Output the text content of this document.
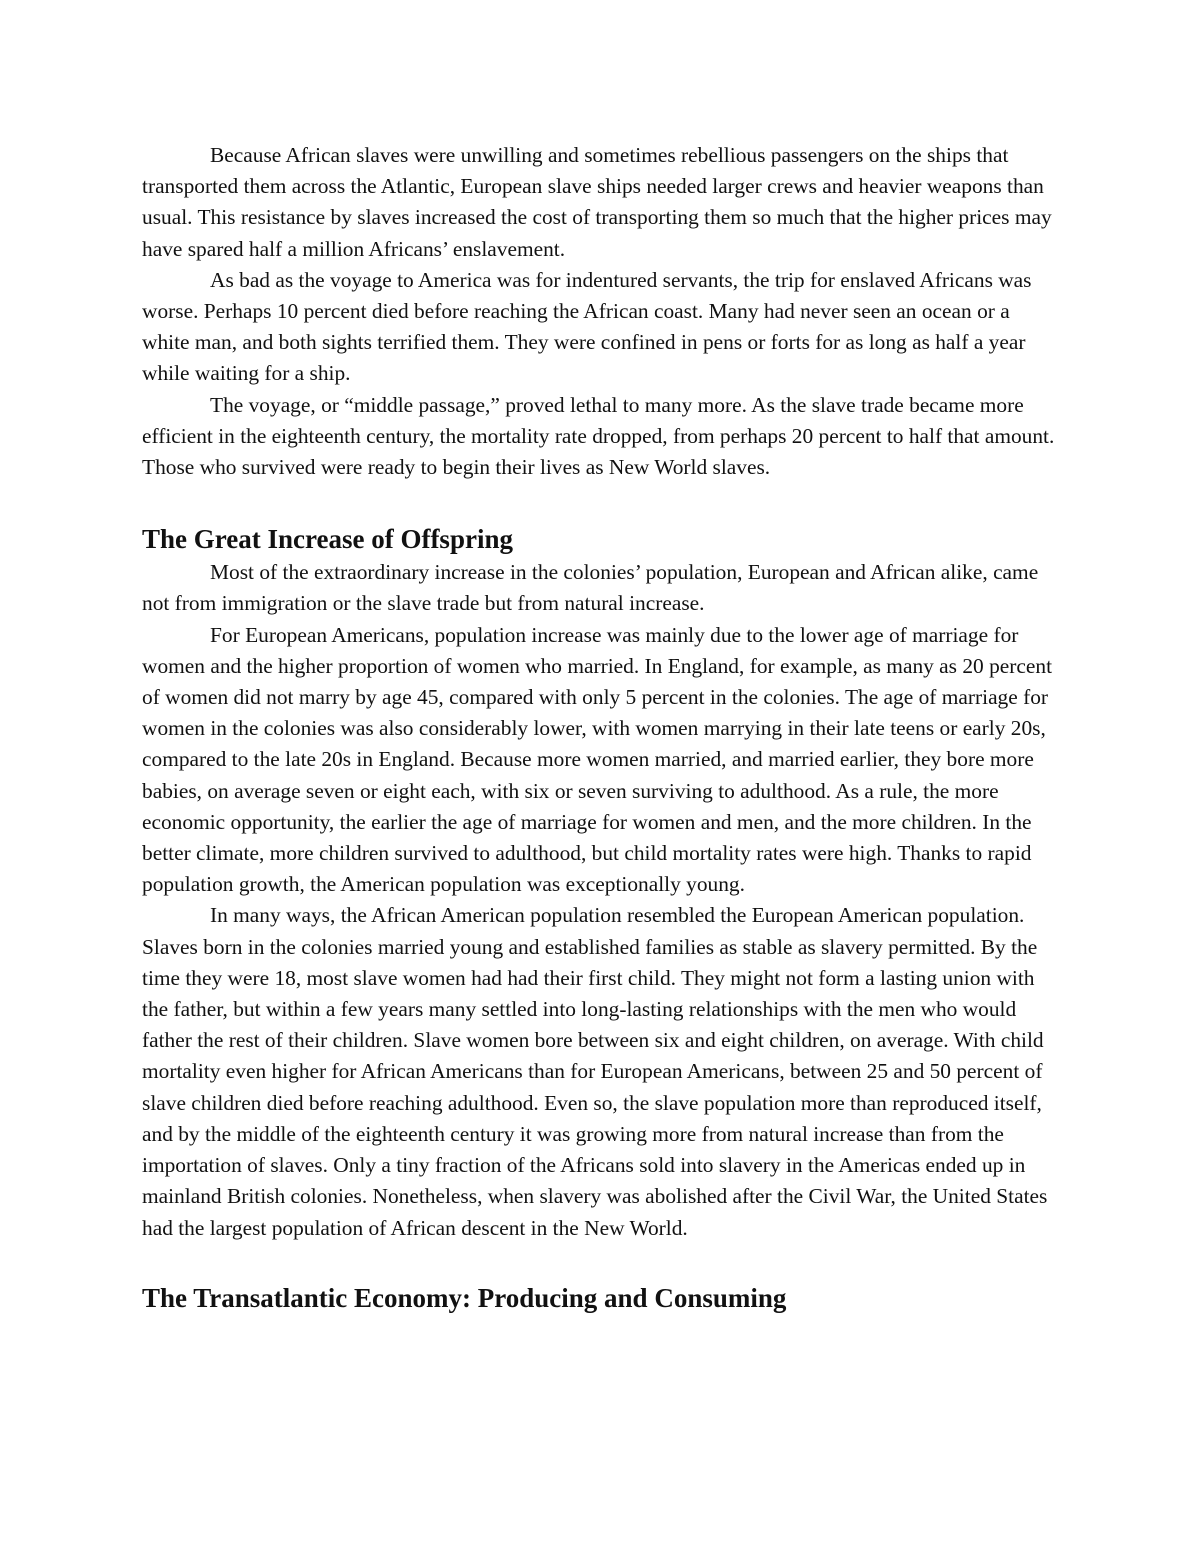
Because African slaves were unwilling and sometimes rebellious passengers on the ships that transported them across the Atlantic, European slave ships needed larger crews and heavier weapons than usual. This resistance by slaves increased the cost of transporting them so much that the higher prices may have spared half a million Africans’ enslavement.

As bad as the voyage to America was for indentured servants, the trip for enslaved Africans was worse. Perhaps 10 percent died before reaching the African coast. Many had never seen an ocean or a white man, and both sights terrified them. They were confined in pens or forts for as long as half a year while waiting for a ship.

The voyage, or “middle passage,” proved lethal to many more. As the slave trade became more efficient in the eighteenth century, the mortality rate dropped, from perhaps 20 percent to half that amount. Those who survived were ready to begin their lives as New World slaves.

The Great Increase of Offspring

Most of the extraordinary increase in the colonies’ population, European and African alike, came not from immigration or the slave trade but from natural increase.

For European Americans, population increase was mainly due to the lower age of marriage for women and the higher proportion of women who married. In England, for example, as many as 20 percent of women did not marry by age 45, compared with only 5 percent in the colonies. The age of marriage for women in the colonies was also considerably lower, with women marrying in their late teens or early 20s, compared to the late 20s in England. Because more women married, and married earlier, they bore more babies, on average seven or eight each, with six or seven surviving to adulthood. As a rule, the more economic opportunity, the earlier the age of marriage for women and men, and the more children. In the better climate, more children survived to adulthood, but child mortality rates were high. Thanks to rapid population growth, the American population was exceptionally young.

In many ways, the African American population resembled the European American population. Slaves born in the colonies married young and established families as stable as slavery permitted. By the time they were 18, most slave women had had their first child. They might not form a lasting union with the father, but within a few years many settled into long-lasting relationships with the men who would father the rest of their children. Slave women bore between six and eight children, on average. With child mortality even higher for African Americans than for European Americans, between 25 and 50 percent of slave children died before reaching adulthood. Even so, the slave population more than reproduced itself, and by the middle of the eighteenth century it was growing more from natural increase than from the importation of slaves. Only a tiny fraction of the Africans sold into slavery in the Americas ended up in mainland British colonies. Nonetheless, when slavery was abolished after the Civil War, the United States had the largest population of African descent in the New World.

The Transatlantic Economy: Producing and Consuming
